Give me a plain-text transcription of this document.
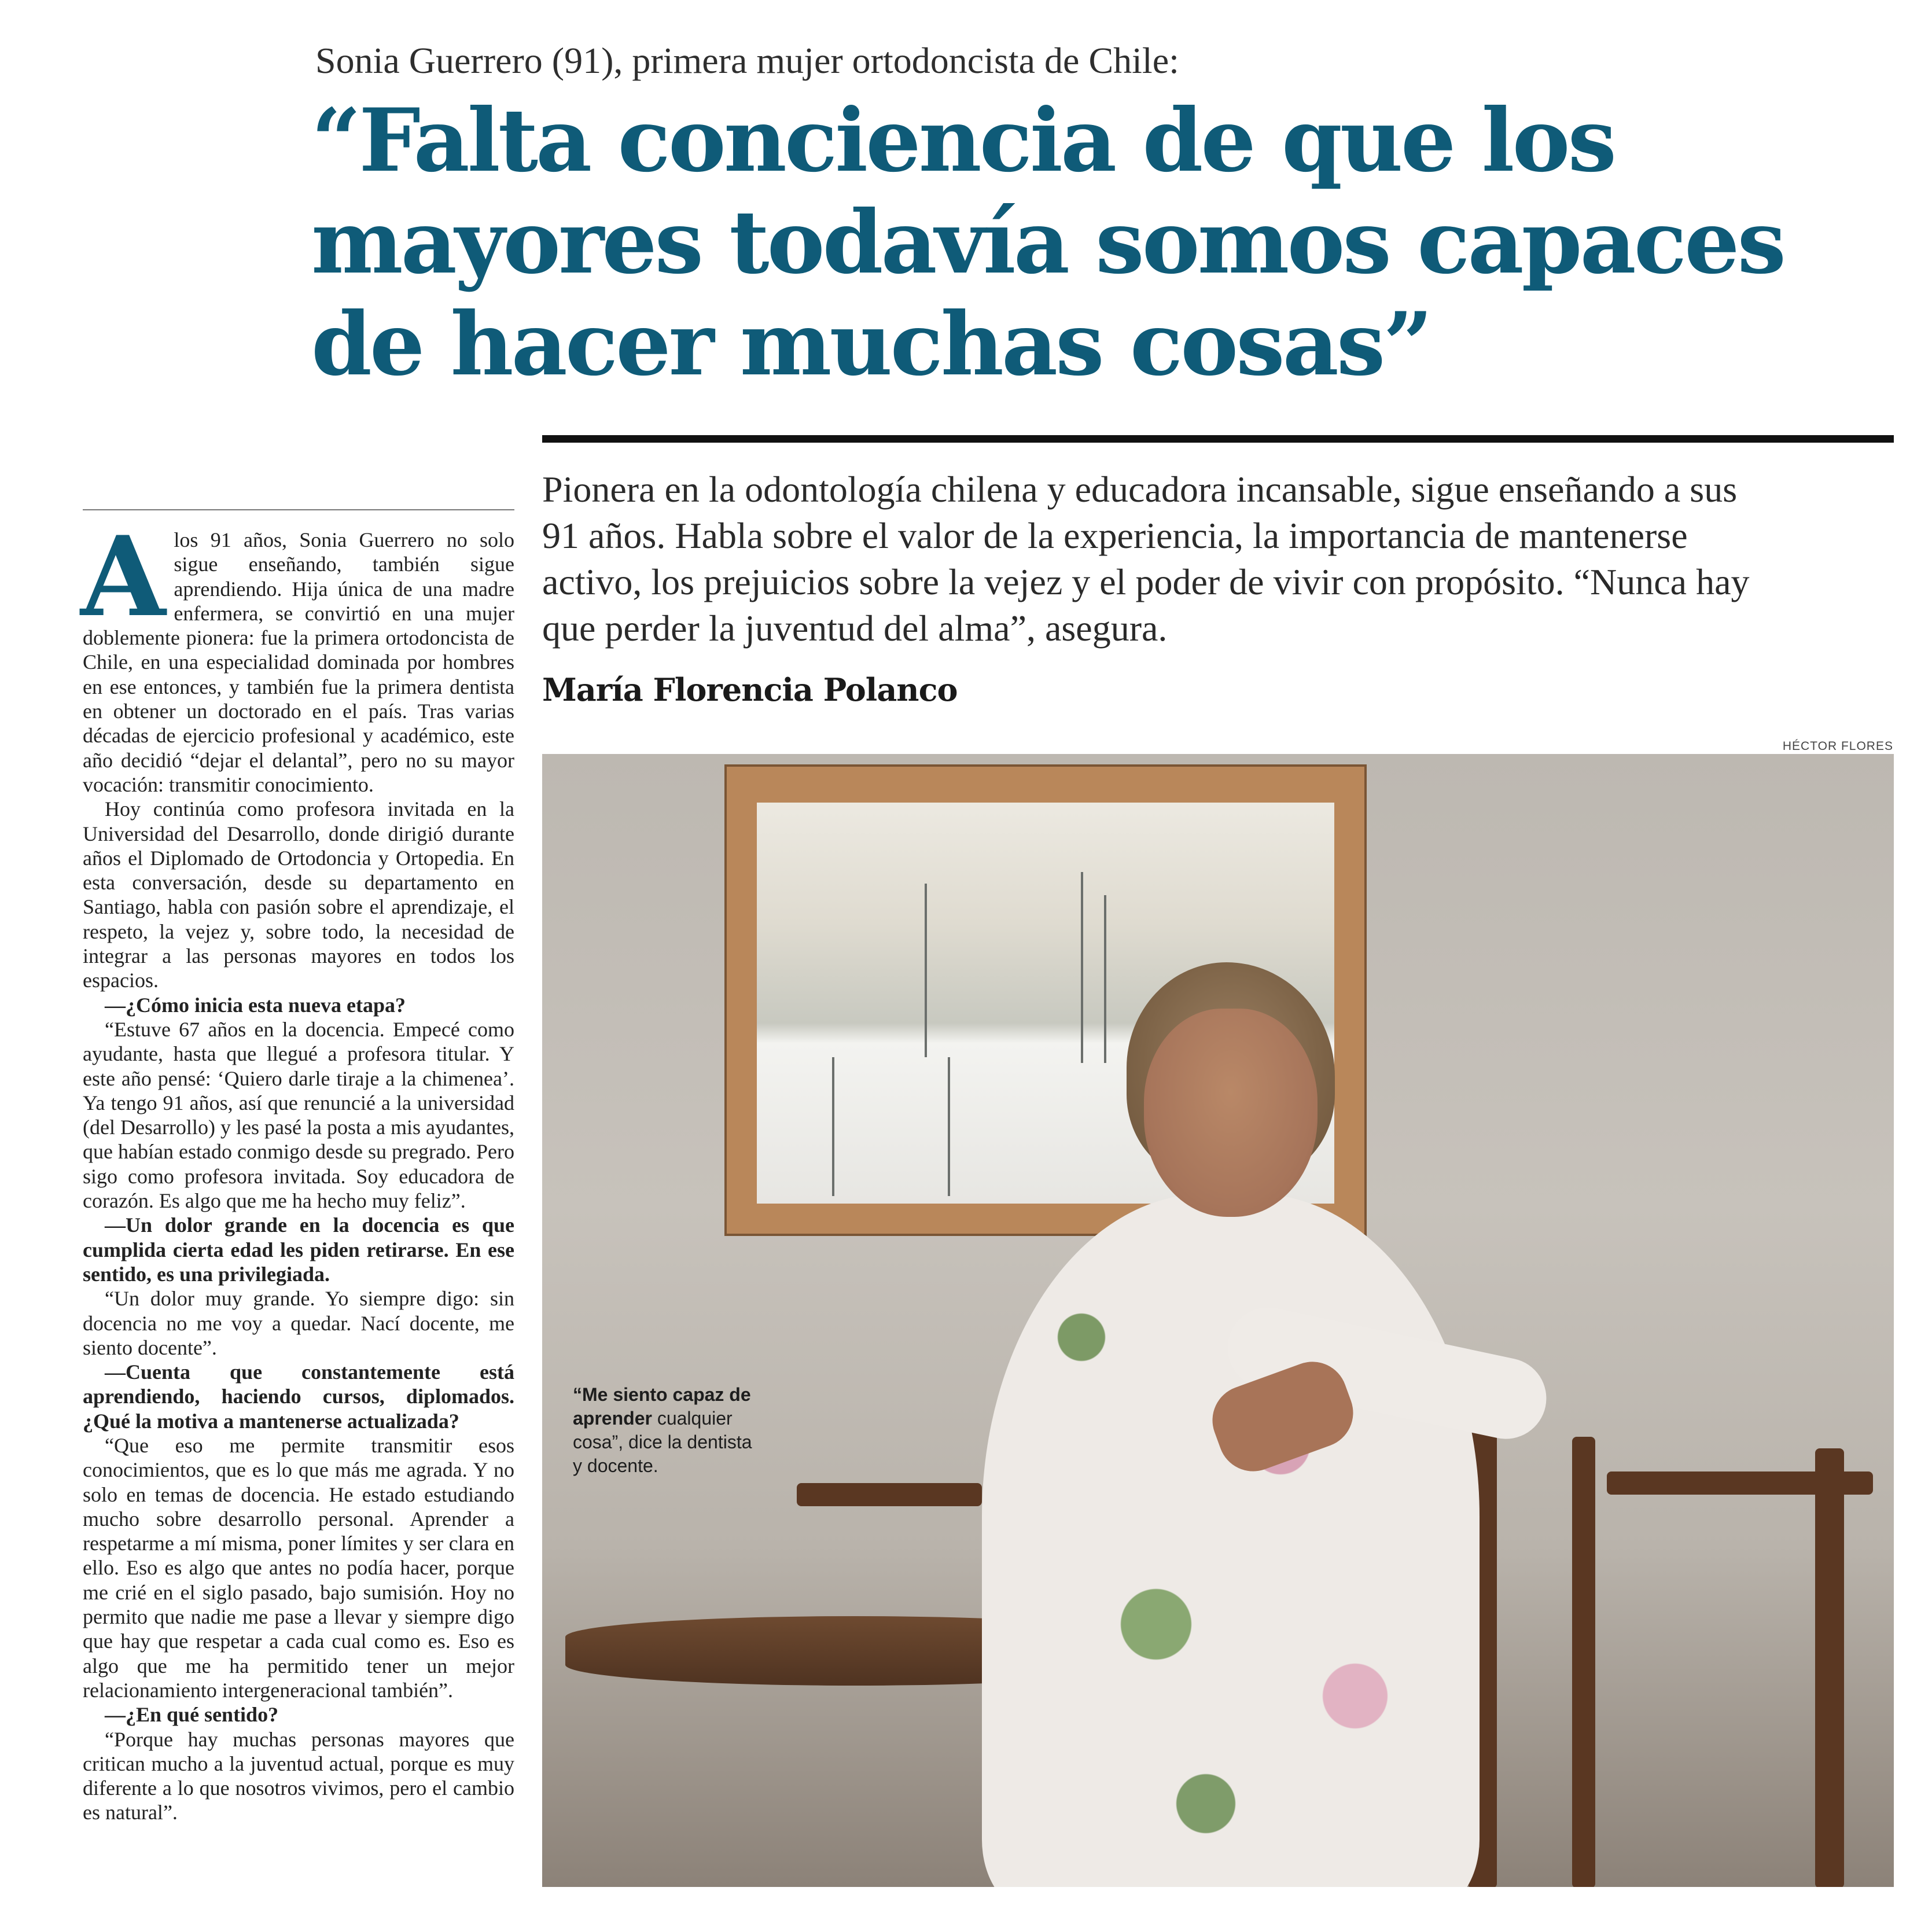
Sonia Guerrero (91), primera mujer ortodoncista de Chile:
“Falta conciencia de que los
mayores todavía somos capaces
de hacer muchas cosas”
Pionera en la odontología chilena y educadora incansable, sigue enseñando a sus
91 años. Habla sobre el valor de la experiencia, la importancia de mantenerse
activo, los prejuicios sobre la vejez y el poder de vivir con propósito. “Nunca hay
que perder la juventud del alma”, asegura.
María Florencia Polanco

Alos 91 años, Sonia Guerrero no solo sigue enseñando, también sigue aprendiendo. Hija única de una madre enfermera, se convirtió en una mujer doblemente pionera: fue la primera ortodoncista de Chile, en una especialidad dominada por hombres en ese entonces, y también fue la primera dentista en obtener un doctorado en el país. Tras varias décadas de ejercicio profesional y académico, este año decidió “dejar el delantal”, pero no su mayor vocación: transmitir conocimiento.

Hoy continúa como profesora invitada en la Universidad del Desarrollo, donde dirigió durante años el Diplomado de Ortodoncia y Ortopedia. En esta conversación, desde su departamento en Santiago, habla con pasión sobre el aprendizaje, el respeto, la vejez y, sobre todo, la necesidad de integrar a las personas mayores en todos los espacios.

—¿Cómo inicia esta nueva etapa?

“Estuve 67 años en la docencia. Empecé como ayudante, hasta que llegué a profesora titular. Y este año pensé: ‘Quiero darle tiraje a la chimenea’. Ya tengo 91 años, así que renuncié a la universidad (del Desarrollo) y les pasé la posta a mis ayudantes, que habían estado conmigo desde su pregrado. Pero sigo como profesora invitada. Soy educadora de corazón. Es algo que me ha hecho muy feliz”.

—Un dolor grande en la docencia es que cumplida cierta edad les piden retirarse. En ese sentido, es una privilegiada.

“Un dolor muy grande. Yo siempre digo: sin docencia no me voy a quedar. Nací docente, me siento docente”.

—Cuenta que constantemente está aprendiendo, haciendo cursos, diplomados. ¿Qué la motiva a mantenerse actualizada?

“Que eso me permite transmitir esos conocimientos, que es lo que más me agrada. Y no solo en temas de docencia. He estado estudiando mucho sobre desarrollo personal. Aprender a respetarme a mí misma, poner límites y ser clara en ello. Eso es algo que antes no podía hacer, porque me crié en el siglo pasado, bajo sumisión. Hoy no permito que nadie me pase a llevar y siempre digo que hay que respetar a cada cual como es. Eso es algo que me ha permitido tener un mejor relacionamiento intergeneracional también”.

—¿En qué sentido?

“Porque hay muchas personas mayores que critican mucho a la juventud actual, porque es muy diferente a lo que nosotros vivimos, pero el cambio es natural”.

HÉCTOR FLORES
“Me siento capaz de aprender cualquier cosa”, dice la dentista y docente.
